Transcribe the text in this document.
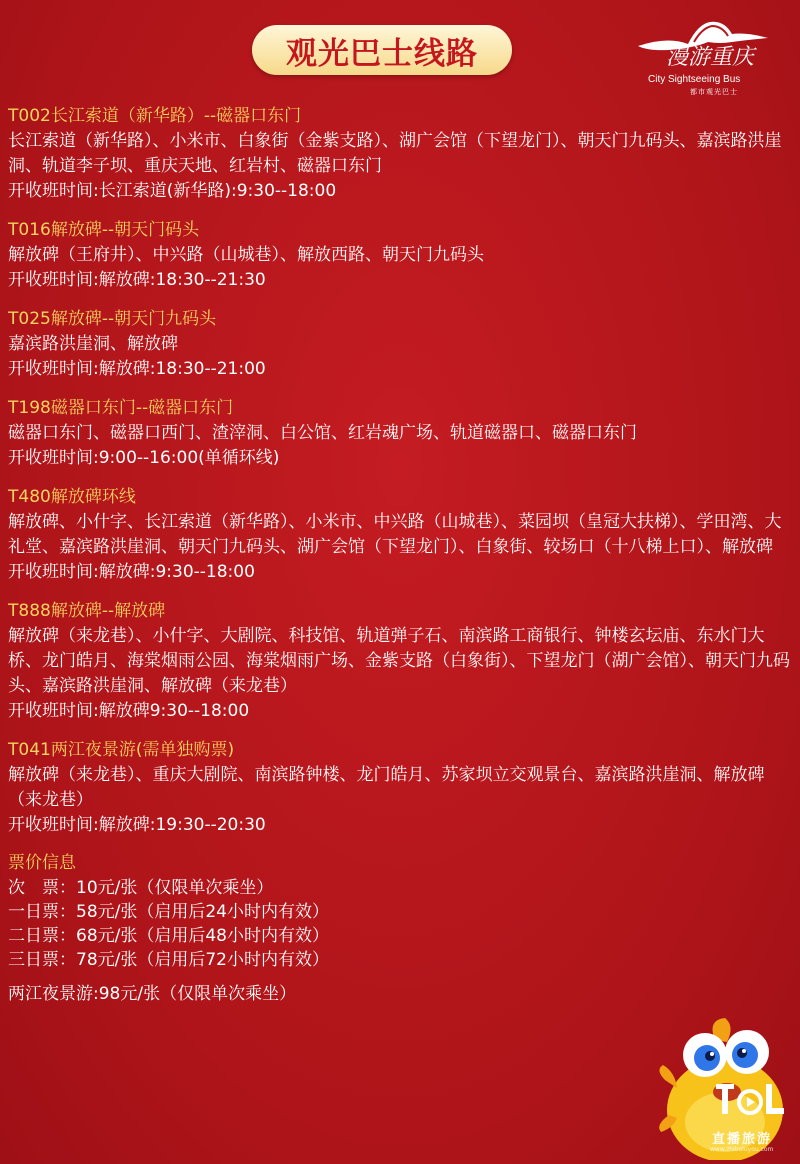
观光巴士线路	漫游重庆
City Sightseeing Bus
都市观光巴士
T002长江索道（新华路）--磁器口东门
长江索道（新华路）、小米市、白象街（金紫支路）、湖广会馆（下望龙门）、朝天门九码头、嘉滨路洪崖洞、轨道李子坝、重庆天地、红岩村、磁器口东门
开收班时间:长江索道(新华路):9:30--18:00
T016解放碑--朝天门码头
解放碑（王府井）、中兴路（山城巷）、解放西路、朝天门九码头
开收班时间:解放碑:18:30--21:30
T025解放碑--朝天门九码头
嘉滨路洪崖洞、解放碑
开收班时间:解放碑:18:30--21:00
T198磁器口东门--磁器口东门
磁器口东门、磁器口西门、渣滓洞、白公馆、红岩魂广场、轨道磁器口、磁器口东门
开收班时间:9:00--16:00(单循环线)
T480解放碑环线
解放碑、小什字、长江索道（新华路）、小米市、中兴路（山城巷）、菜园坝（皇冠大扶梯）、学田湾、大礼堂、嘉滨路洪崖洞、朝天门九码头、湖广会馆（下望龙门）、白象街、较场口（十八梯上口）、解放碑
开收班时间:解放碑:9:30--18:00
T888解放碑--解放碑
解放碑（来龙巷）、小什字、大剧院、科技馆、轨道弹子石、南滨路工商银行、钟楼玄坛庙、东水门大桥、龙门皓月、海棠烟雨公园、海棠烟雨广场、金紫支路（白象街）、下望龙门（湖广会馆）、朝天门九码头、嘉滨路洪崖洞、解放碑（来龙巷）
开收班时间:解放碑9:30--18:00
T041两江夜景游(需单独购票)
解放碑（来龙巷）、重庆大剧院、南滨路钟楼、龙门皓月、苏家坝立交观景台、嘉滨路洪崖洞、解放碑（来龙巷）
开收班时间:解放碑:19:30--20:30
票价信息
次　票：10元/张（仅限单次乘坐）
一日票：58元/张（启用后24小时内有效）
二日票：68元/张（启用后48小时内有效）
三日票：78元/张（启用后72小时内有效）
两江夜景游:98元/张（仅限单次乘坐）
直播旅游
www.zhiboluyou.com
